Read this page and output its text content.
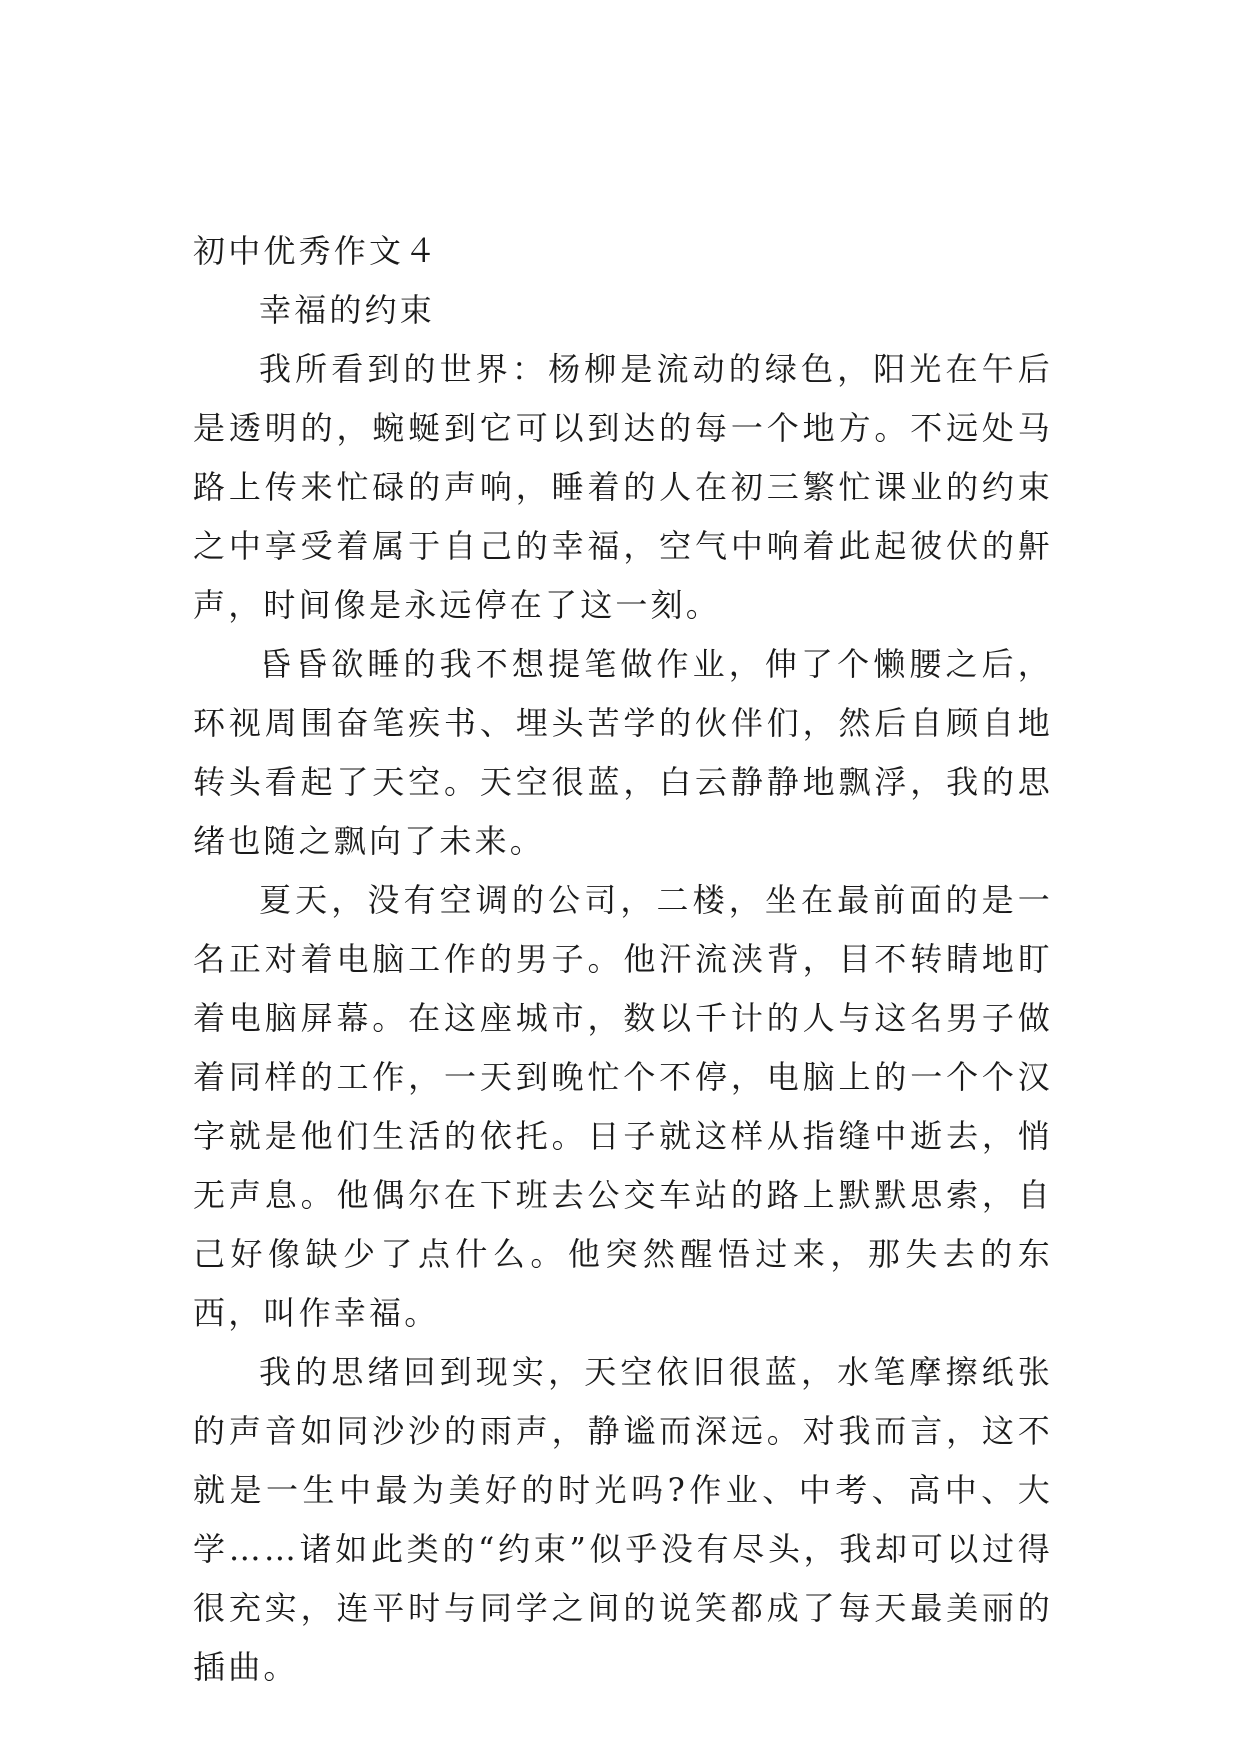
初中优秀作文４
幸福的约束

我所看到的世界：杨柳是流动的绿色，阳光在午后是透明的，蜿蜒到它可以到达的每一个地方。不远处马路上传来忙碌的声响，睡着的人在初三繁忙课业的约束之中享受着属于自己的幸福，空气中响着此起彼伏的鼾声，时间像是永远停在了这一刻。

昏昏欲睡的我不想提笔做作业，伸了个懒腰之后，环视周围奋笔疾书、埋头苦学的伙伴们，然后自顾自地转头看起了天空。天空很蓝，白云静静地飘浮，我的思绪也随之飘向了未来。

夏天，没有空调的公司，二楼，坐在最前面的是一名正对着电脑工作的男子。他汗流浃背，目不转睛地盯着电脑屏幕。在这座城市，数以千计的人与这名男子做着同样的工作，一天到晚忙个不停，电脑上的一个个汉字就是他们生活的依托。日子就这样从指缝中逝去，悄无声息。他偶尔在下班去公交车站的路上默默思索，自己好像缺少了点什么。他突然醒悟过来，那失去的东西，叫作幸福。

我的思绪回到现实，天空依旧很蓝，水笔摩擦纸张的声音如同沙沙的雨声，静谧而深远。对我而言，这不就是一生中最为美好的时光吗?作业、中考、高中、大学……诸如此类的“约束”似乎没有尽头，我却可以过得很充实，连平时与同学之间的说笑都成了每天最美丽的插曲。
